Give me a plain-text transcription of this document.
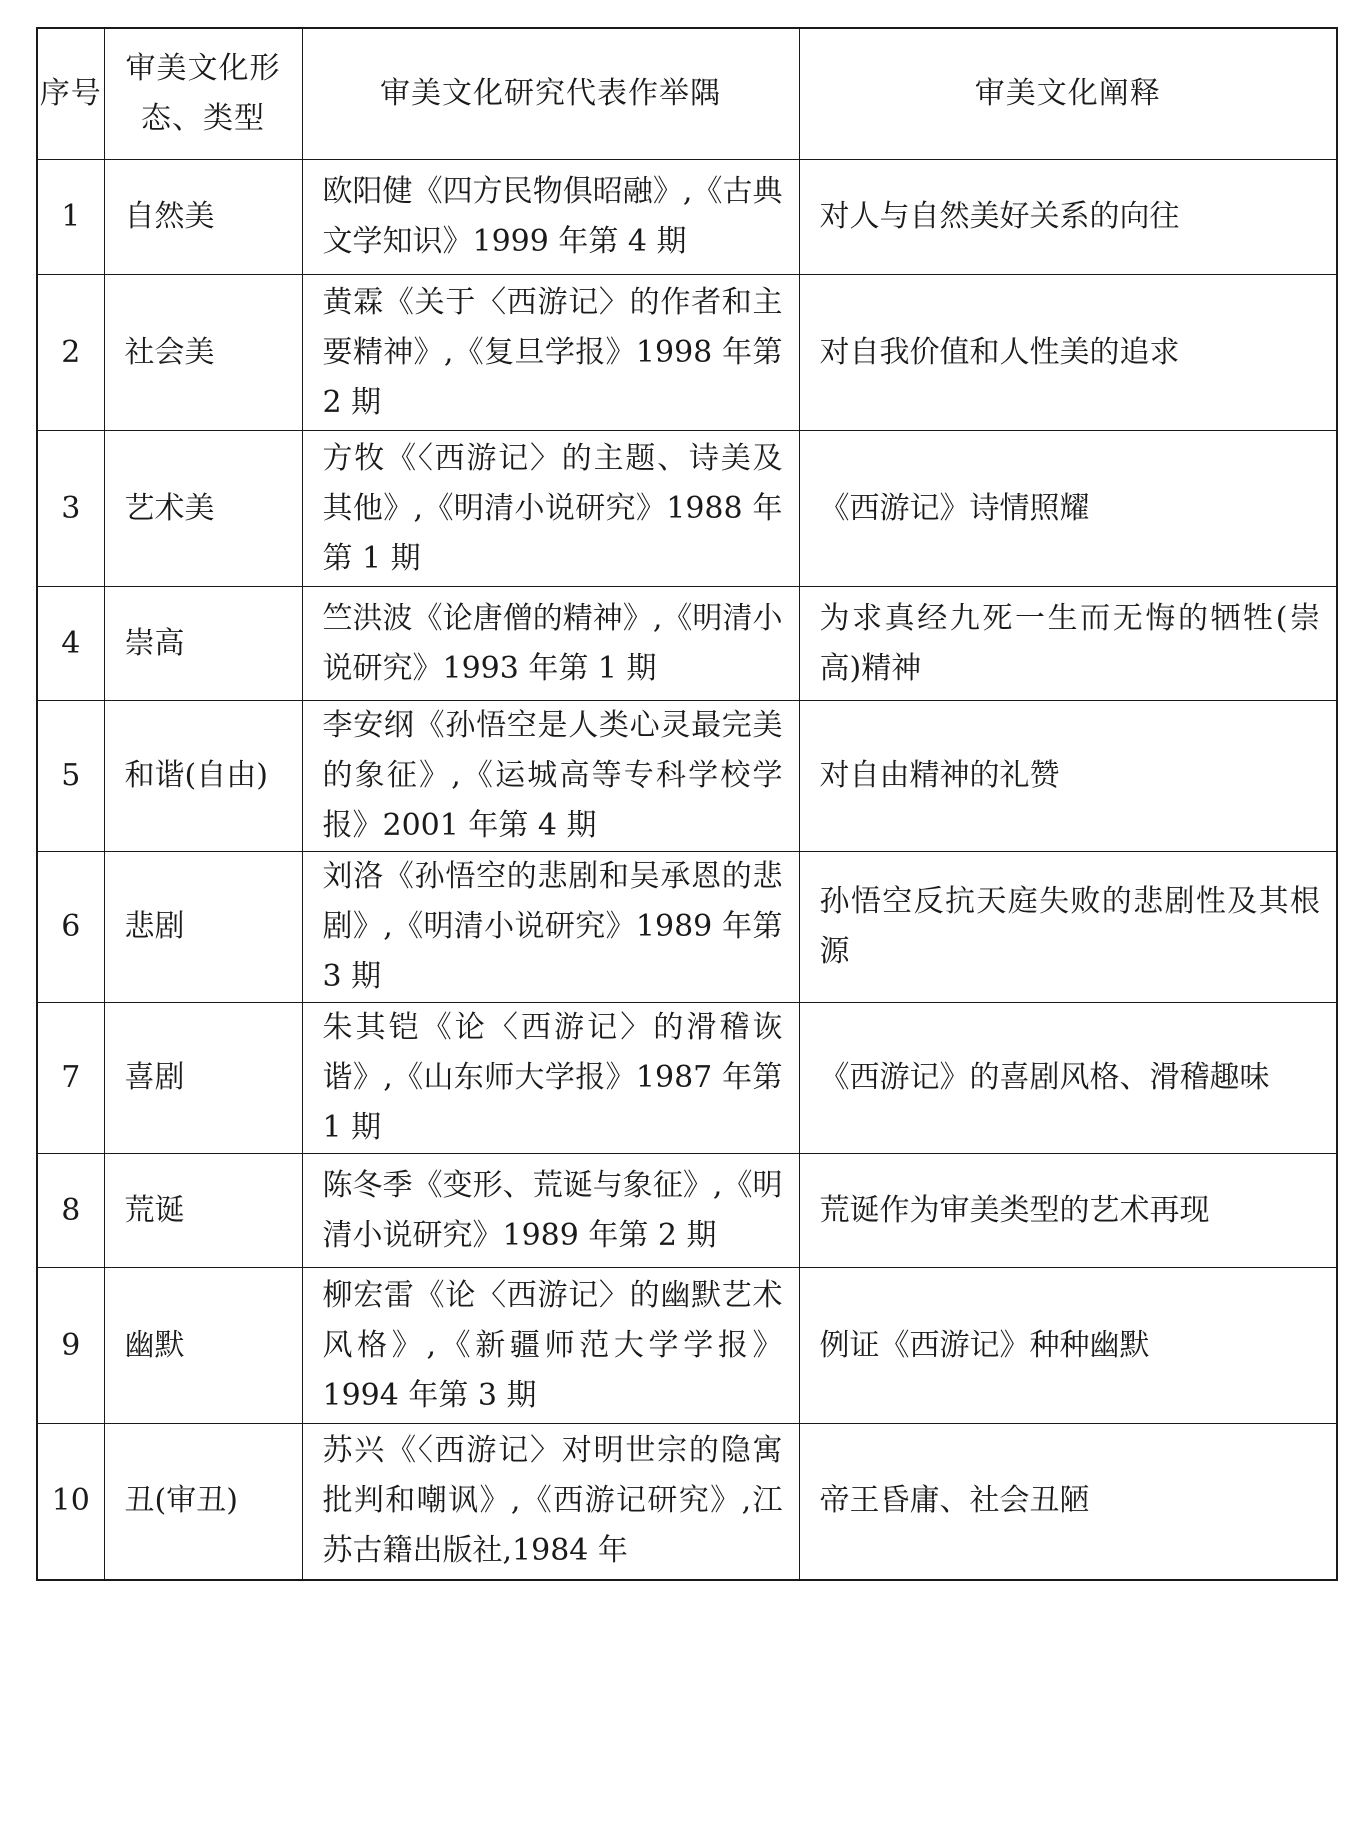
序号	审美文化形态、类型	审美文化研究代表作举隅	审美文化阐释
1	自然美	欧阳健《四方民物俱昭融》,《古典文学知识》1999 年第 4 期	对人与自然美好关系的向往
2	社会美	黄霖《关于〈西游记〉的作者和主要精神》,《复旦学报》1998 年第 2 期	对自我价值和人性美的追求
3	艺术美	方牧《〈西游记〉的主题、诗美及其他》,《明清小说研究》1988 年第 1 期	《西游记》诗情照耀
4	崇高	竺洪波《论唐僧的精神》,《明清小说研究》1993 年第 1 期	为求真经九死一生而无悔的牺牲(崇高)精神
5	和谐(自由)	李安纲《孙悟空是人类心灵最完美的象征》,《运城高等专科学校学报》2001 年第 4 期	对自由精神的礼赞
6	悲剧	刘洛《孙悟空的悲剧和吴承恩的悲剧》,《明清小说研究》1989 年第 3 期	孙悟空反抗天庭失败的悲剧性及其根源
7	喜剧	朱其铠《论〈西游记〉的滑稽诙谐》,《山东师大学报》1987 年第 1 期	《西游记》的喜剧风格、滑稽趣味
8	荒诞	陈冬季《变形、荒诞与象征》,《明清小说研究》1989 年第 2 期	荒诞作为审美类型的艺术再现
9	幽默	柳宏雷《论〈西游记〉的幽默艺术风格》,《新疆师范大学学报》1994 年第 3 期	例证《西游记》种种幽默
10	丑(审丑)	苏兴《〈西游记〉对明世宗的隐寓批判和嘲讽》,《西游记研究》,江苏古籍出版社,1984 年	帝王昏庸、社会丑陋
